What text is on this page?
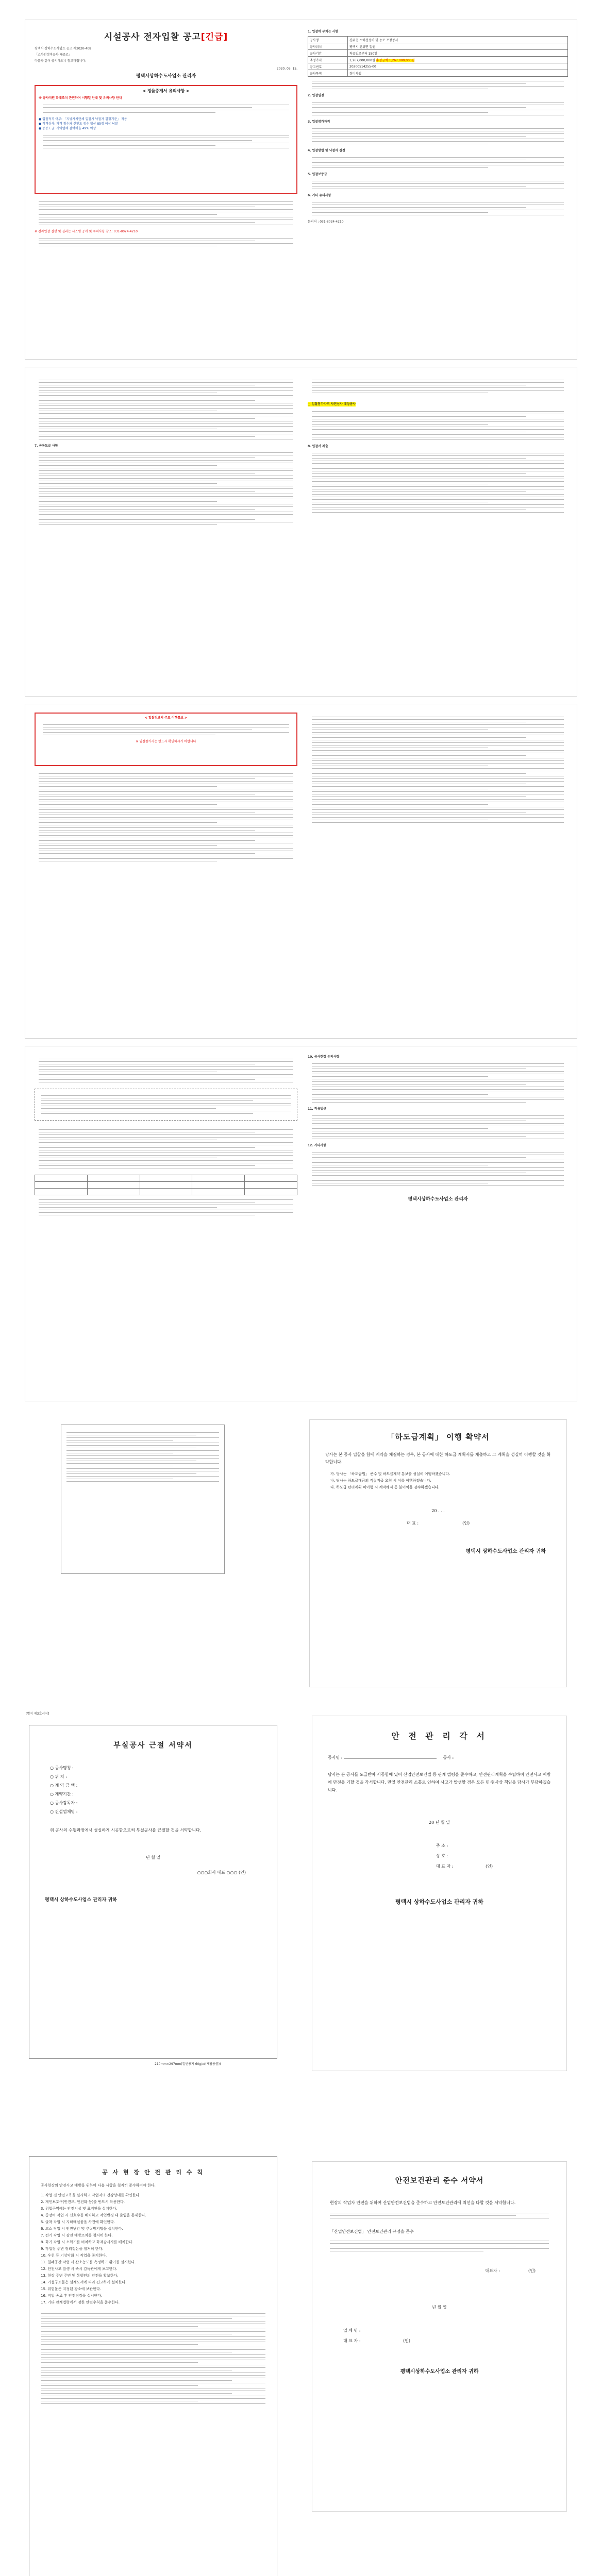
시설공사 전자입찰 공고[긴급]

평택시 상하수도사업소 공고 제2020-408

「소하천정비공사 재공고」

다음과 같이 공지하오니 참고바랍니다.

2020. 05. 15.
평택시상하수도사업소 관리자
< 정율중계서 유의사항 >
※ 공사지원 확대조치 관련하여 시행일 안내 및 유의사항 안내
● 입찰적격 여부: 「지방자치단체 입찰시 낙찰자 결정기준」 적용
● 적격심사: 가격 점수와 신인도 점수 합산 85점 이상 낙찰
● 공동도급: 지역업체 참여비율 49% 이상
※ 전자입찰 집행 및 결과는 시스템 공개 및 주의사항 참조: 031-8024-4210
1. 입찰에 부치는 사항
공사명	진위천 소하천정비 및 농로 포장공사
공사위치	평택시 진위면 일원
공사기간	착공일로부터 150일
추정가격	1,267,000,000원 추정금액 1,267,000,000원
공고번호	20200514255-00
공사목적	정비사업
2. 입찰일정
3. 입찰참가자격
4. 입찰방법 및 낙찰자 결정
5. 입찰보증금
6. 기타 유의사항
문의처 : 031-8024-4210
7. 공동도급 사항
□ 입찰참가자격 사전심사 대상공사
8. 입찰서 제출
< 입찰정보의 주요 이행통보 >
※ 입찰참가자는 반드시 확인하시기 바랍니다

10. 공사현장 유의사항
11. 적용법규
12. 기타사항
평택시상하수도사업소 관리자
「하도급계획」 이행 확약서
당사는 본 공사 입찰을 함에 계약을 체결하는 경우, 본 공사에 대한 하도급 계획서를 제출하고 그 계획을 성실히 이행할 것을 확약합니다.
가. 당사는 「하도급법」 준수 및 하도급계약 통보를 성실히 이행하겠습니다.
나. 당사는 하도급대금의 직접지급 요청 시 이를 이행하겠습니다.
다. 하도급 관리계획 미이행 시 계약해지 등 불이익을 감수하겠습니다.
20 . . .
대 표 :	(인)
평택시 상하수도사업소 관리자 귀하
[별지 제3호서식]
부실공사 근절 서약서
○ 공사명칭 :
○ 위 치 :
○ 계 약 금 액 :
○ 계약기간 :
○ 공사감독자 :
○ 건설업체명 :
위 공사의 수행과정에서 성실하게 시공함으로써 부실공사를 근절할 것을 서약합니다.
년 월 일
○○○회사 대표 ○○○ (인)
평택시 상하수도사업소 관리자 귀하
210mm×297mm(일반용지 60g/㎡(재활용품))
안 전 관 리 각 서
공사명 :	공사 :
당사는 본 공사를 도급받아 시공함에 있어 산업안전보건법 등 관계 법령을 준수하고, 안전관리계획을 수립하여 안전사고 예방에 만전을 기할 것을 각서합니다. 만일 안전관리 소홀로 인하여 사고가 발생할 경우 모든 민·형사상 책임을 당사가 부담하겠습니다.
20 년 월 일
주 소 :
상 호 :
대 표 자 :	(인)
평택시 상하수도사업소 관리자 귀하
공 사 현 장 안 전 관 리 수 칙
공사현장의 안전사고 예방을 위하여 다음 사항을 철저히 준수하여야 한다.
1. 작업 전 안전교육을 실시하고 작업자의 건강상태를 확인한다.
2. 개인보호구(안전모, 안전화 등)를 반드시 착용한다.
3. 위험구역에는 안전시설 및 표지판을 설치한다.
4. 중장비 작업 시 신호수를 배치하고 작업반경 내 출입을 통제한다.
5. 굴착 작업 시 지하매설물을 사전에 확인한다.
6. 고소 작업 시 안전난간 및 추락방지망을 설치한다.
7. 전기 작업 시 감전 예방조치를 철저히 한다.
8. 화기 작업 시 소화기를 비치하고 화재감시자를 배치한다.
9. 작업장 주변 정리정돈을 철저히 한다.
10. 우천 등 기상악화 시 작업을 중지한다.
11. 밀폐공간 작업 시 산소농도를 측정하고 환기를 실시한다.
12. 안전사고 발생 시 즉시 감독관에게 보고한다.
13. 현장 주변 주민 및 통행인의 안전을 확보한다.
14. 가설구조물은 설계도서에 따라 견고하게 설치한다.
15. 위험물은 지정된 장소에 보관한다.
16. 작업 종료 후 안전점검을 실시한다.
17. 기타 관계법령에서 정한 안전수칙을 준수한다.
안전보건관리 준수 서약서
현장의 작업자 안전을 위하여 산업안전보건법을 준수하고 안전보건관리에 최선을 다할 것을 서약합니다.
「산업안전보건법」 안전보건관리 규정을 준수
대표자 :	(인)
년 월 일
업 체 명 :
대 표 자 :	(인)
평택시상하수도사업소 관리자 귀하
